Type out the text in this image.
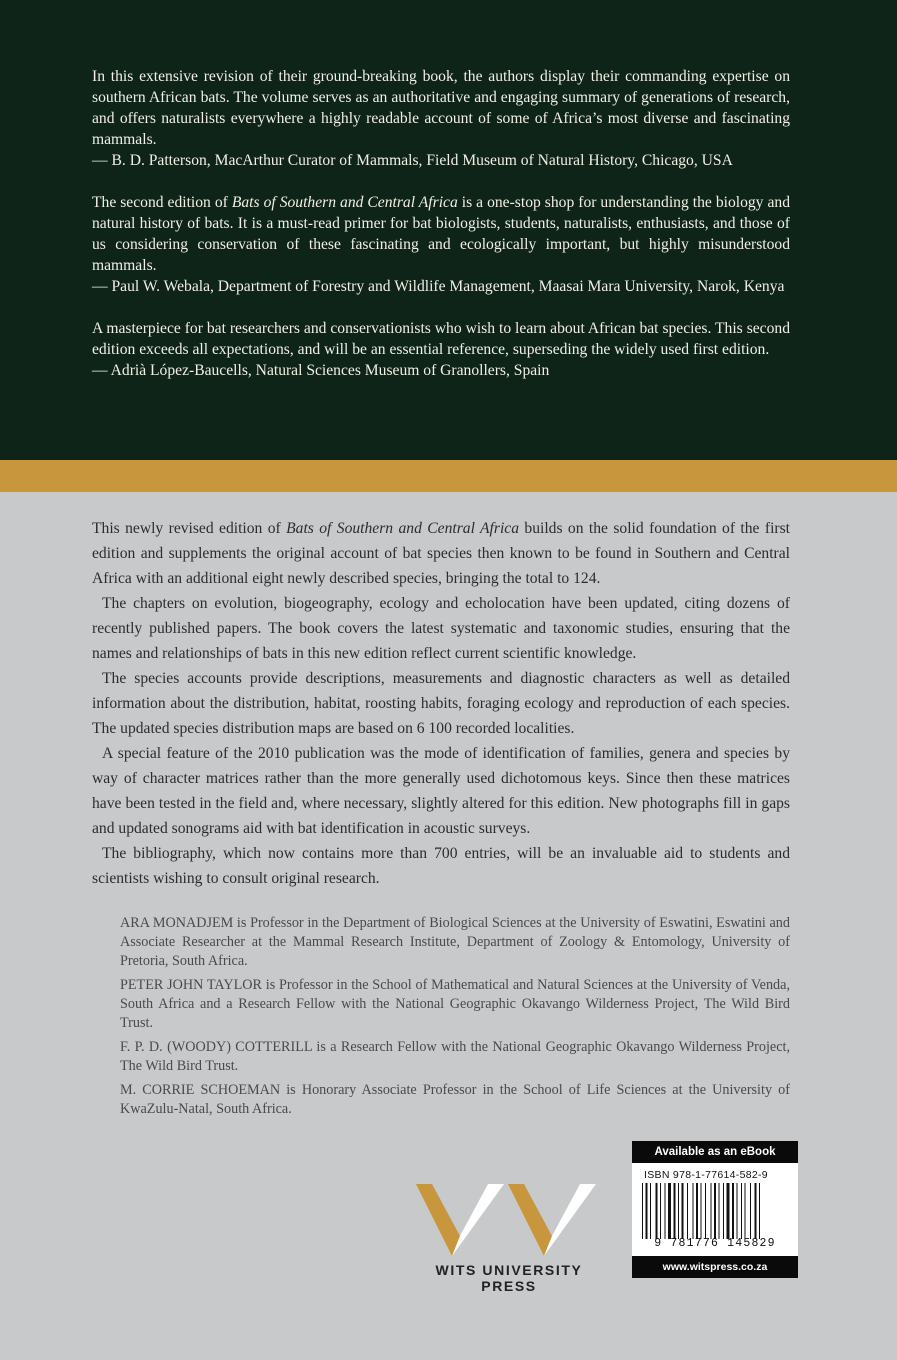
In this extensive revision of their ground-breaking book, the authors display their commanding expertise on southern African bats. The volume serves as an authoritative and engaging summary of generations of research, and offers naturalists everywhere a highly readable account of some of Africa’s most diverse and fascinating mammals.

— B. D. Patterson, MacArthur Curator of Mammals, Field Museum of Natural History, Chicago, USA

The second edition of Bats of Southern and Central Africa is a one-stop shop for understanding the biology and natural history of bats. It is a must-read primer for bat biologists, students, naturalists, enthusiasts, and those of us considering conservation of these fascinating and ecologically important, but highly misunderstood mammals.

— Paul W. Webala, Department of Forestry and Wildlife Management, Maasai Mara University, Narok, Kenya

A masterpiece for bat researchers and conservationists who wish to learn about African bat species. This second edition exceeds all expectations, and will be an essential reference, superseding the widely used first edition.

— Adrià López-Baucells, Natural Sciences Museum of Granollers, Spain

This newly revised edition of Bats of Southern and Central Africa builds on the solid foundation of the first edition and supplements the original account of bat species then known to be found in Southern and Central Africa with an additional eight newly described species, bringing the total to 124.

The chapters on evolution, biogeography, ecology and echolocation have been updated, citing dozens of recently published papers. The book covers the latest systematic and taxonomic studies, ensuring that the names and relationships of bats in this new edition reflect current scientific knowledge.

The species accounts provide descriptions, measurements and diagnostic characters as well as detailed information about the distribution, habitat, roosting habits, foraging ecology and reproduction of each species. The updated species distribution maps are based on 6 100 recorded localities.

A special feature of the 2010 publication was the mode of identification of families, genera and species by way of character matrices rather than the more generally used dichotomous keys. Since then these matrices have been tested in the field and, where necessary, slightly altered for this edition. New photographs fill in gaps and updated sonograms aid with bat identification in acoustic surveys.

The bibliography, which now contains more than 700 entries, will be an invaluable aid to students and scientists wishing to consult original research.

ARA MONADJEM is Professor in the Department of Biological Sciences at the University of Eswatini, Eswatini and Associate Researcher at the Mammal Research Institute, Department of Zoology & Entomology, University of Pretoria, South Africa.

PETER JOHN TAYLOR is Professor in the School of Mathematical and Natural Sciences at the University of Venda, South Africa and a Research Fellow with the National Geographic Okavango Wilderness Project, The Wild Bird Trust.

F. P. D. (WOODY) COTTERILL is a Research Fellow with the National Geographic Okavango Wilderness Project, The Wild Bird Trust.

M. CORRIE SCHOEMAN is Honorary Associate Professor in the School of Life Sciences at the University of KwaZulu-Natal, South Africa.

WITS UNIVERSITY PRESS
Available as an eBook
ISBN 978-1-77614-582-9
9 781776 145829
www.witspress.co.za
